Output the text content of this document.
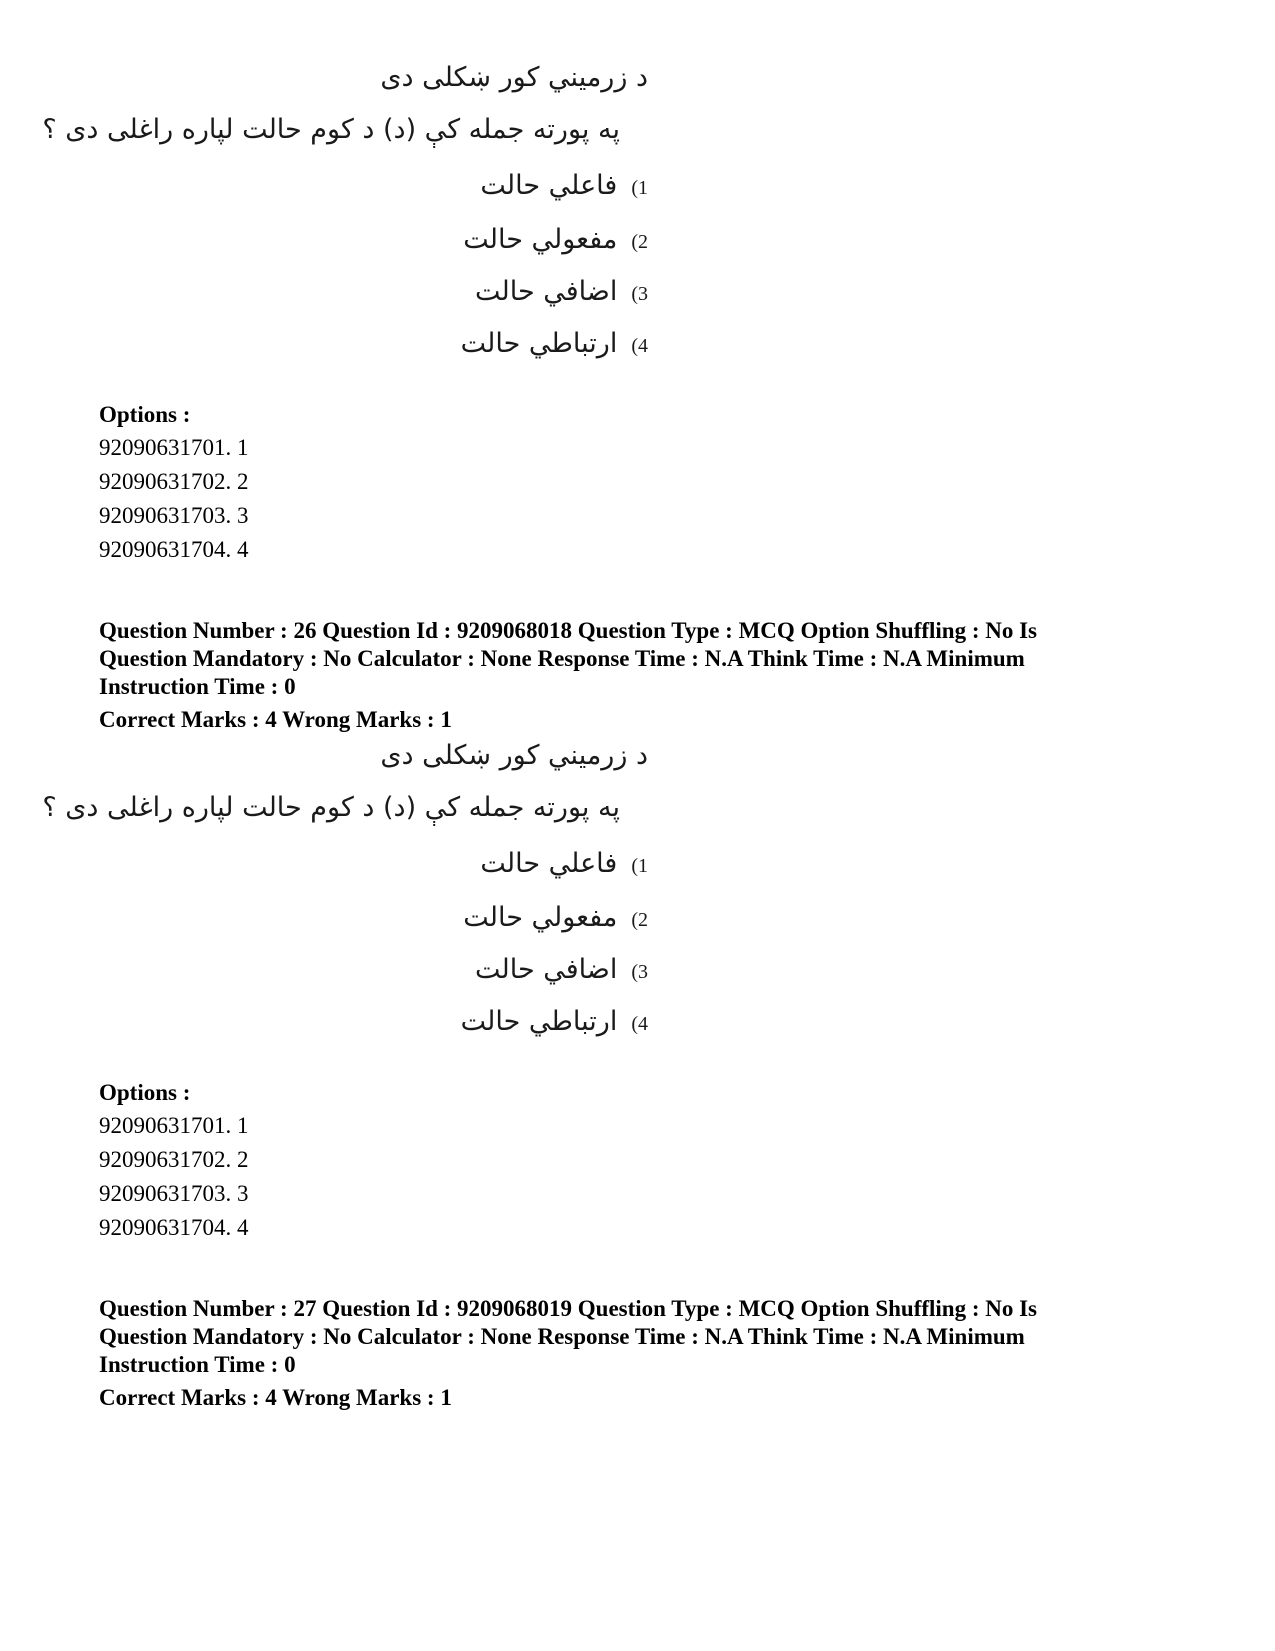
د زرميني كور ښكلى دى
په پورته جمله کې (د) د کوم حالت لپاره راغلى دى ؟
(1
فاعلي حالت
(2
مفعولي حالت
(3
اضافي حالت
(4
ارتباطي حالت
Options :
92090631701. 1
92090631702. 2
92090631703. 3
92090631704. 4
Question Number : 26 Question Id : 9209068018 Question Type : MCQ Option Shuffling : No Is Question Mandatory : No Calculator : None Response Time : N.A Think Time : N.A Minimum Instruction Time : 0
Correct Marks : 4 Wrong Marks : 1
د زرميني كور ښكلى دى
په پورته جمله کې (د) د کوم حالت لپاره راغلى دى ؟
(1
فاعلي حالت
(2
مفعولي حالت
(3
اضافي حالت
(4
ارتباطي حالت
Options :
92090631701. 1
92090631702. 2
92090631703. 3
92090631704. 4
Question Number : 27 Question Id : 9209068019 Question Type : MCQ Option Shuffling : No Is Question Mandatory : No Calculator : None Response Time : N.A Think Time : N.A Minimum Instruction Time : 0
Correct Marks : 4 Wrong Marks : 1
